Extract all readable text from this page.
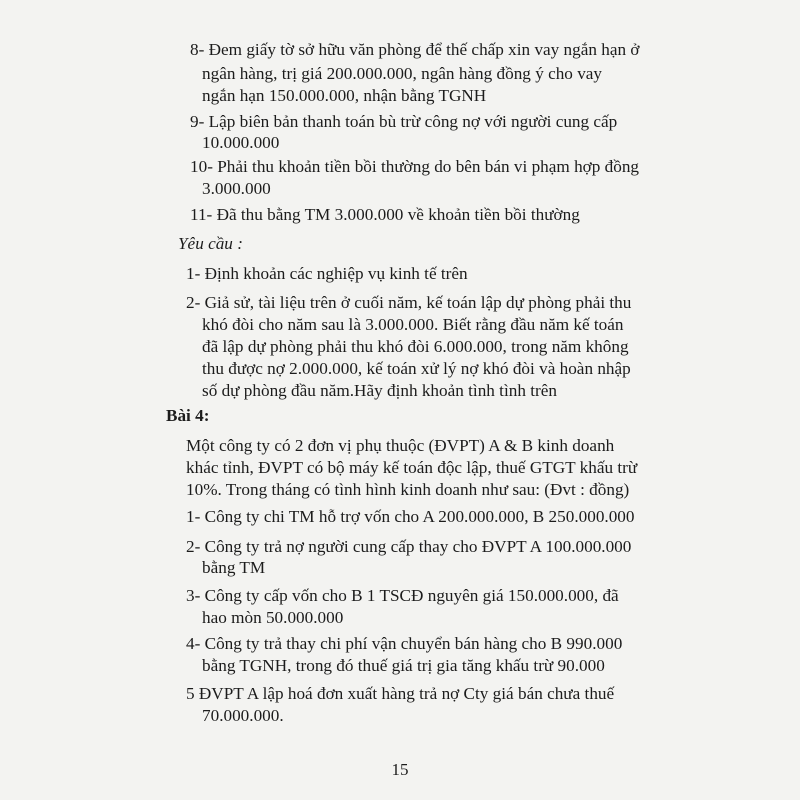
8- Đem giấy tờ sở hữu văn phòng để thế chấp xin vay ngắn hạn ở
ngân hàng, trị giá 200.000.000, ngân hàng đồng ý cho vay
ngắn hạn 150.000.000, nhận bằng TGNH
9- Lập biên bản thanh toán bù trừ công nợ với người cung cấp
10.000.000
10- Phải thu khoản tiền bồi thường do bên bán vi phạm hợp đồng
3.000.000
11- Đã thu bằng TM 3.000.000 về khoản tiền bồi thường
Yêu cầu :
1- Định khoản các nghiệp vụ kinh tế trên
2- Giả sử, tài liệu trên ở cuối năm, kế toán lập dự phòng phải thu
khó đòi cho năm sau là 3.000.000. Biết rằng đầu năm kế toán
đã lập dự phòng phải thu khó đòi 6.000.000, trong năm không
thu được nợ 2.000.000, kế toán xử lý nợ khó đòi và hoàn nhập
số dự phòng đầu năm.Hãy định khoản tình tình trên
Bài 4:
Một công ty có 2 đơn vị phụ thuộc (ĐVPT) A & B kinh doanh
khác tỉnh, ĐVPT có bộ máy kế toán độc lập, thuế GTGT khấu trừ
10%. Trong tháng có tình hình kinh doanh như sau: (Đvt : đồng)
1- Công ty chi TM hỗ trợ vốn cho A 200.000.000, B 250.000.000
2- Công ty trả nợ người cung cấp thay cho ĐVPT A 100.000.000
bằng TM
3- Công ty cấp vốn cho B 1 TSCĐ nguyên giá 150.000.000, đã
hao mòn 50.000.000
4- Công ty trả thay chi phí vận chuyển bán hàng cho B 990.000
bằng TGNH, trong đó thuế giá trị gia tăng khấu trừ 90.000
5 ĐVPT A lập hoá đơn xuất hàng trả nợ Cty giá bán chưa thuế
70.000.000.
15
